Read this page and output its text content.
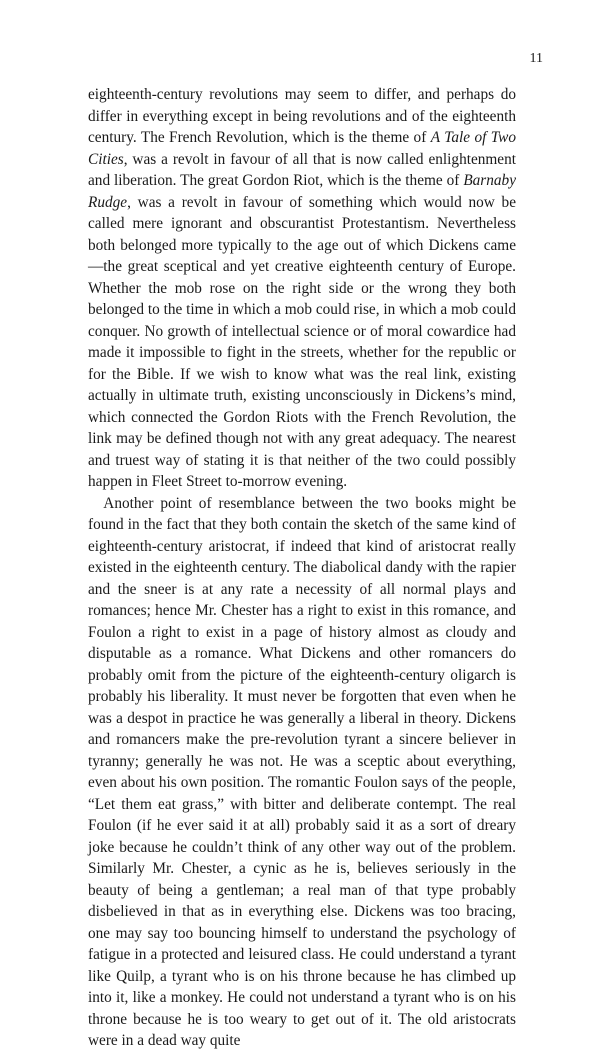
11

eighteenth-century revolutions may seem to differ, and perhaps do differ in everything except in being revolutions and of the eighteenth century. The French Revolution, which is the theme of A Tale of Two Cities, was a revolt in favour of all that is now called enlightenment and liberation. The great Gordon Riot, which is the theme of Barnaby Rudge, was a revolt in favour of something which would now be called mere ignorant and obscurantist Protestantism. Nevertheless both belonged more typically to the age out of which Dickens came—the great sceptical and yet creative eighteenth century of Europe. Whether the mob rose on the right side or the wrong they both belonged to the time in which a mob could rise, in which a mob could conquer. No growth of intellectual science or of moral cowardice had made it impossible to fight in the streets, whether for the republic or for the Bible. If we wish to know what was the real link, existing actually in ultimate truth, existing unconsciously in Dickens’s mind, which connected the Gordon Riots with the French Revolution, the link may be defined though not with any great adequacy. The nearest and truest way of stating it is that neither of the two could possibly happen in Fleet Street to-morrow evening.

Another point of resemblance between the two books might be found in the fact that they both contain the sketch of the same kind of eighteenth-century aristocrat, if indeed that kind of aristocrat really existed in the eighteenth century. The diabolical dandy with the rapier and the sneer is at any rate a necessity of all normal plays and romances; hence Mr. Chester has a right to exist in this romance, and Foulon a right to exist in a page of history almost as cloudy and disputable as a romance. What Dickens and other romancers do probably omit from the picture of the eighteenth-century oligarch is probably his liberality. It must never be forgotten that even when he was a despot in practice he was generally a liberal in theory. Dickens and romancers make the pre-revolution tyrant a sincere believer in tyranny; generally he was not. He was a sceptic about everything, even about his own position. The romantic Foulon says of the people, “Let them eat grass,” with bitter and deliberate contempt. The real Foulon (if he ever said it at all) probably said it as a sort of dreary joke because he couldn’t think of any other way out of the problem. Similarly Mr. Chester, a cynic as he is, believes seriously in the beauty of being a gentleman; a real man of that type probably disbelieved in that as in everything else. Dickens was too bracing, one may say too bouncing himself to understand the psychology of fatigue in a protected and leisured class. He could understand a tyrant like Quilp, a tyrant who is on his throne because he has climbed up into it, like a monkey. He could not understand a tyrant who is on his throne because he is too weary to get out of it. The old aristocrats were in a dead way quite
